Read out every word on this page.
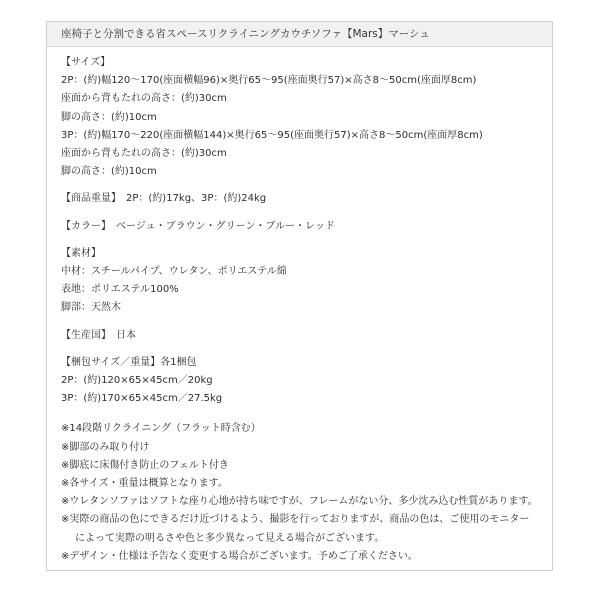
座椅子と分割できる省スペースリクライニングカウチソファ【Mars】マーシュ
【サイズ】
2P：(約)幅120〜170(座面横幅96)×奥行65〜95(座面奥行57)×高さ8〜50cm(座面厚8cm)
座面から背もたれの高さ：(約)30cm
脚の高さ：(約)10cm
3P：(約)幅170〜220(座面横幅144)×奥行65〜95(座面奥行57)×高さ8〜50cm(座面厚8cm)
座面から背もたれの高さ：(約)30cm
脚の高さ：(約)10cm
【商品重量】　2P：(約)17kg、3P：(約)24kg
【カラー】　ベージュ・ブラウン・グリーン・ブルー・レッド
【素材】
中材：スチールパイプ、ウレタン、ポリエステル綿
表地：ポリエステル100%
脚部：天然木
【生産国】　日本
【梱包サイズ／重量】各1梱包
2P：(約)120×65×45cm／20kg
3P：(約)170×65×45cm／27.5kg
※14段階リクライニング（フラット時含む）
※脚部のみ取り付け
※脚底に床傷付き防止のフェルト付き
※各サイズ・重量は概算となります。
※ウレタンソファはソフトな座り心地が持ち味ですが、フレームがない分、多少沈み込む性質があります。
※実際の商品の色にできるだけ近づけるよう、撮影を行っておりますが、商品の色は、ご使用のモニター
によって実際の明るさや色と多少異なって見える場合がございます。
※デザイン・仕様は予告なく変更する場合がございます。予めご了承ください。
